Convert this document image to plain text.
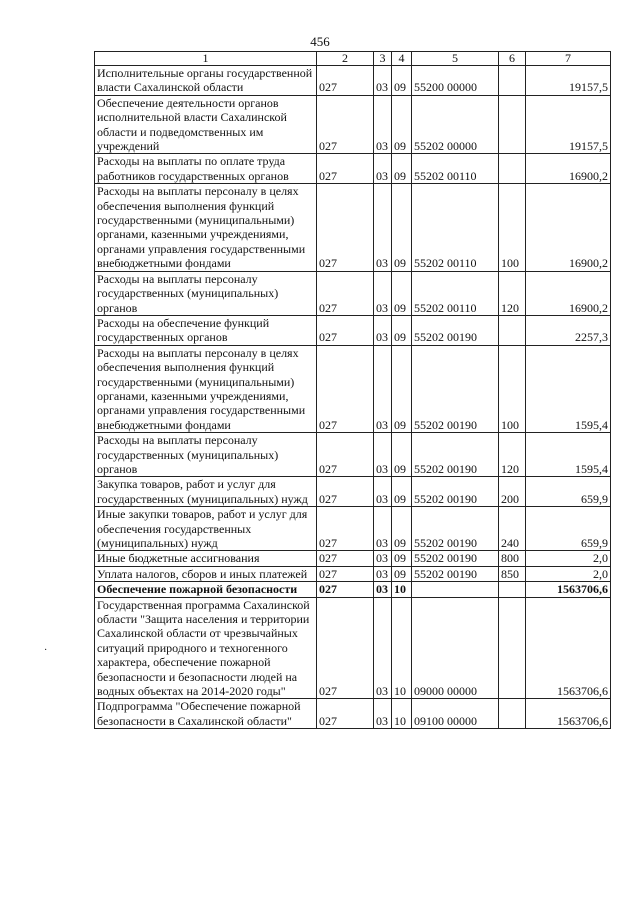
456
1	2	3	4	5	6	7
Исполнительные органы государственной власти Сахалинской области	027	03	09	55200 00000		19157,5
Обеспечение деятельности органов исполнительной власти Сахалинской области и подведомственных им учреждений	027	03	09	55202 00000		19157,5
Расходы на выплаты по оплате труда работников государственных органов	027	03	09	55202 00110		16900,2
Расходы на выплаты персоналу в целях обеспечения выполнения функций государственными (муниципальными) органами, казенными учреждениями, органами управления государственными внебюджетными фондами	027	03	09	55202 00110	100	16900,2
Расходы на выплаты персоналу государственных (муниципальных) органов	027	03	09	55202 00110	120	16900,2
Расходы на обеспечение функций государственных органов	027	03	09	55202 00190		2257,3
Расходы на выплаты персоналу в целях обеспечения выполнения функций государственными (муниципальными) органами, казенными учреждениями, органами управления государственными внебюджетными фондами	027	03	09	55202 00190	100	1595,4
Расходы на выплаты персоналу государственных (муниципальных) органов	027	03	09	55202 00190	120	1595,4
Закупка товаров, работ и услуг для государственных (муниципальных) нужд	027	03	09	55202 00190	200	659,9
Иные закупки товаров, работ и услуг для обеспечения государственных (муниципальных) нужд	027	03	09	55202 00190	240	659,9
Иные бюджетные ассигнования	027	03	09	55202 00190	800	2,0
Уплата налогов, сборов и иных платежей	027	03	09	55202 00190	850	2,0
Обеспечение пожарной безопасности	027	03	10			1563706,6
Государственная программа Сахалинской области "Защита населения и территории Сахалинской области от чрезвычайных ситуаций природного и техногенного характера, обеспечение пожарной безопасности и безопасности людей на водных объектах на 2014-2020 годы"	027	03	10	09000 00000		1563706,6
Подпрограмма "Обеспечение пожарной безопасности в Сахалинской области"	027	03	10	09100 00000		1563706,6
·
